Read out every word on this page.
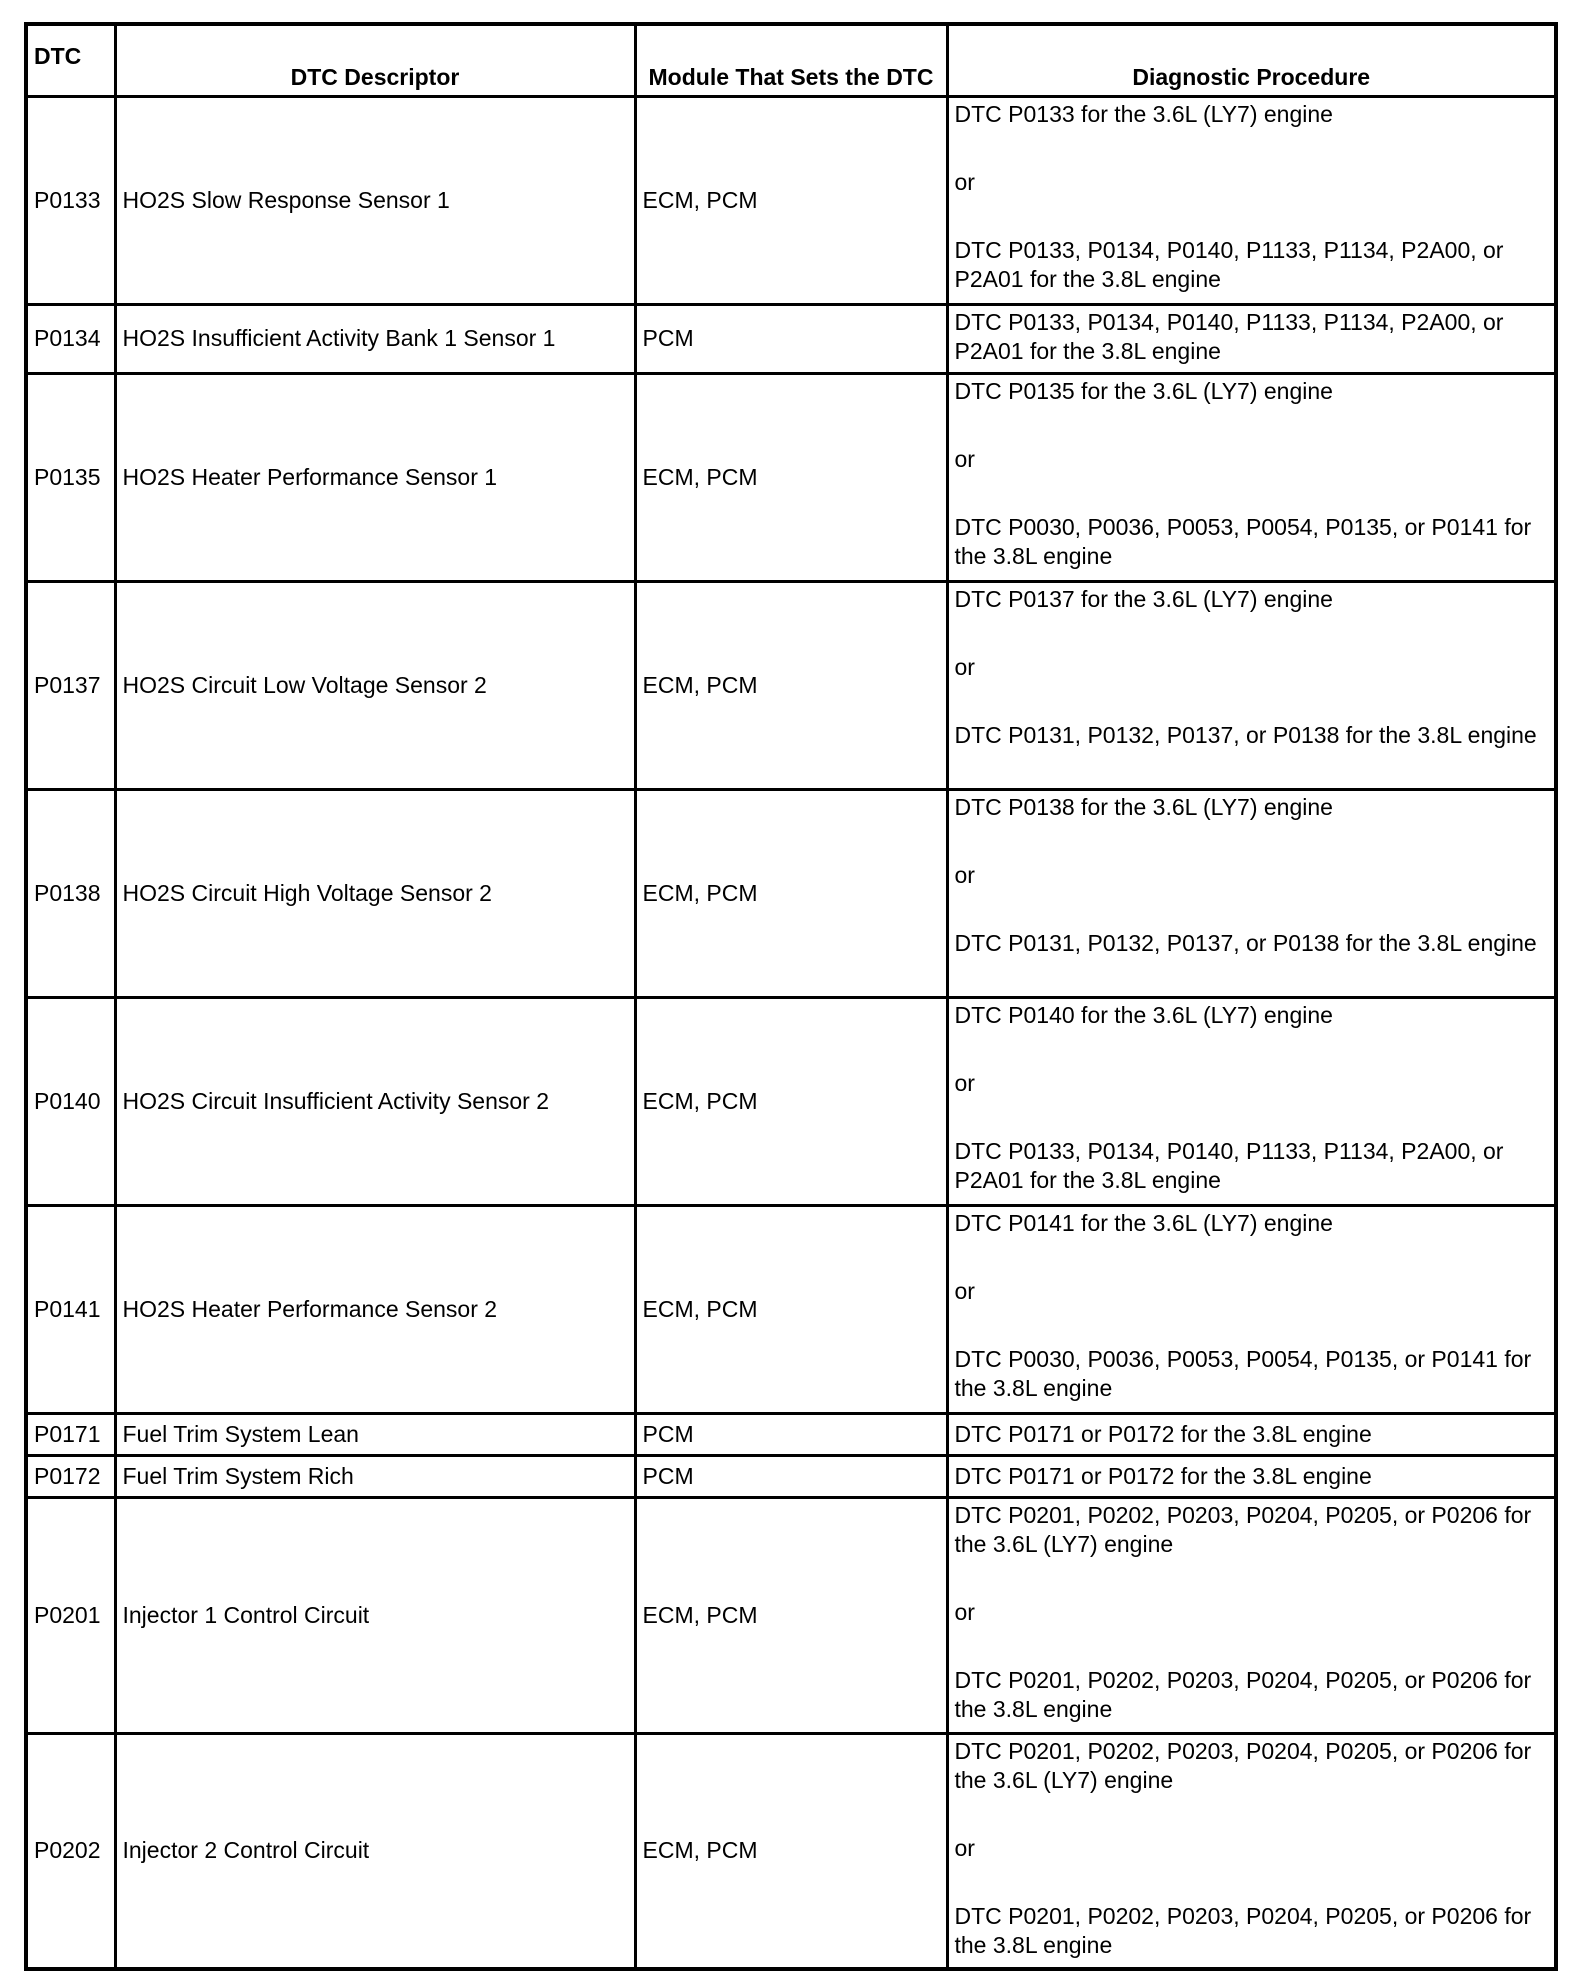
DTC	DTC Descriptor	Module That Sets the DTC	Diagnostic Procedure
P0133	HO2S Slow Response Sensor 1	ECM, PCM	DTC P0133 for the 3.6L (LY7) engine
or
DTC P0133, P0134, P0140, P1133, P1134, P2A00, or P2A01 for the 3.8L engine

P0134	HO2S Insufficient Activity Bank 1 Sensor 1	PCM	DTC P0133, P0134, P0140, P1133, P1134, P2A00, or P2A01 for the 3.8L engine

P0135	HO2S Heater Performance Sensor 1	ECM, PCM	DTC P0135 for the 3.6L (LY7) engine
or
DTC P0030, P0036, P0053, P0054, P0135, or P0141 for the 3.8L engine

P0137	HO2S Circuit Low Voltage Sensor 2	ECM, PCM	DTC P0137 for the 3.6L (LY7) engine
or
DTC P0131, P0132, P0137, or P0138 for the 3.8L engine

P0138	HO2S Circuit High Voltage Sensor 2	ECM, PCM	DTC P0138 for the 3.6L (LY7) engine
or
DTC P0131, P0132, P0137, or P0138 for the 3.8L engine

P0140	HO2S Circuit Insufficient Activity Sensor 2	ECM, PCM	DTC P0140 for the 3.6L (LY7) engine
or
DTC P0133, P0134, P0140, P1133, P1134, P2A00, or P2A01 for the 3.8L engine

P0141	HO2S Heater Performance Sensor 2	ECM, PCM	DTC P0141 for the 3.6L (LY7) engine
or
DTC P0030, P0036, P0053, P0054, P0135, or P0141 for the 3.8L engine

P0171	Fuel Trim System Lean	PCM	DTC P0171 or P0172 for the 3.8L engine

P0172	Fuel Trim System Rich	PCM	DTC P0171 or P0172 for the 3.8L engine

P0201	Injector 1 Control Circuit	ECM, PCM	DTC P0201, P0202, P0203, P0204, P0205, or P0206 for the 3.6L (LY7) engine
or
DTC P0201, P0202, P0203, P0204, P0205, or P0206 for the 3.8L engine

P0202	Injector 2 Control Circuit	ECM, PCM	DTC P0201, P0202, P0203, P0204, P0205, or P0206 for the 3.6L (LY7) engine
or
DTC P0201, P0202, P0203, P0204, P0205, or P0206 for the 3.8L engine
